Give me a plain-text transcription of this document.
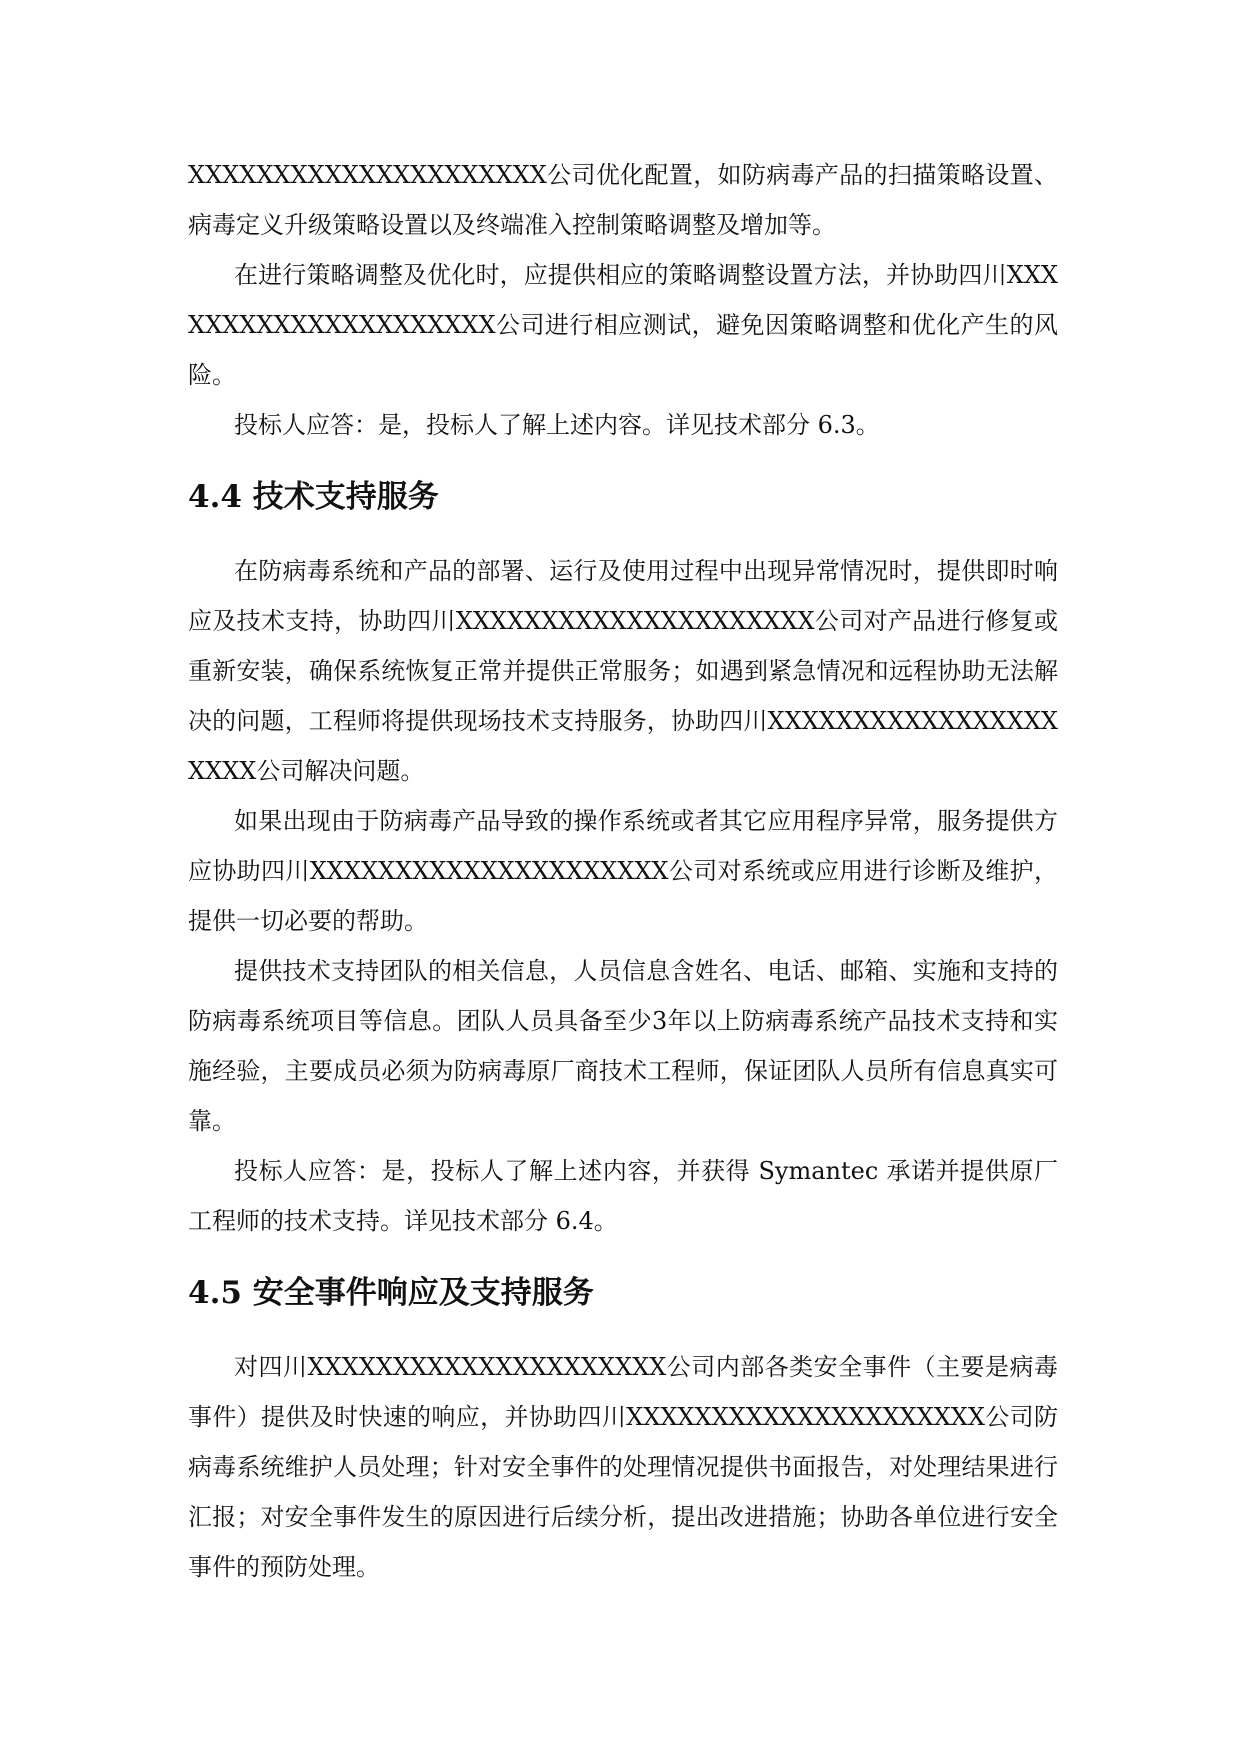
XXXXXXXXXXXXXXXXXXXXX公司优化配置，如防病毒产品的扫描策略设置、病毒定义升级策略设置以及终端准入控制策略调整及增加等。

在进行策略调整及优化时，应提供相应的策略调整设置方法，并协助四川XXXXXXXXXXXXXXXXXXXXX公司进行相应测试，避免因策略调整和优化产生的风险。

投标人应答：是，投标人了解上述内容。详见技术部分 6.3。

4.4 技术支持服务

在防病毒系统和产品的部署、运行及使用过程中出现异常情况时，提供即时响应及技术支持，协助四川XXXXXXXXXXXXXXXXXXXXX公司对产品进行修复或重新安装，确保系统恢复正常并提供正常服务；如遇到紧急情况和远程协助无法解决的问题，工程师将提供现场技术支持服务，协助四川XXXXXXXXXXXXXXXXXXXXX公司解决问题。

如果出现由于防病毒产品导致的操作系统或者其它应用程序异常，服务提供方应协助四川XXXXXXXXXXXXXXXXXXXXX公司对系统或应用进行诊断及维护，提供一切必要的帮助。

提供技术支持团队的相关信息，人员信息含姓名、电话、邮箱、实施和支持的防病毒系统项目等信息。团队人员具备至少3年以上防病毒系统产品技术支持和实施经验，主要成员必须为防病毒原厂商技术工程师，保证团队人员所有信息真实可靠。

投标人应答：是，投标人了解上述内容，并获得 Symantec 承诺并提供原厂工程师的技术支持。详见技术部分 6.4。

4.5 安全事件响应及支持服务

对四川XXXXXXXXXXXXXXXXXXXXX公司内部各类安全事件（主要是病毒事件）提供及时快速的响应，并协助四川XXXXXXXXXXXXXXXXXXXXX公司防病毒系统维护人员处理；针对安全事件的处理情况提供书面报告，对处理结果进行汇报；对安全事件发生的原因进行后续分析，提出改进措施；协助各单位进行安全事件的预防处理。
